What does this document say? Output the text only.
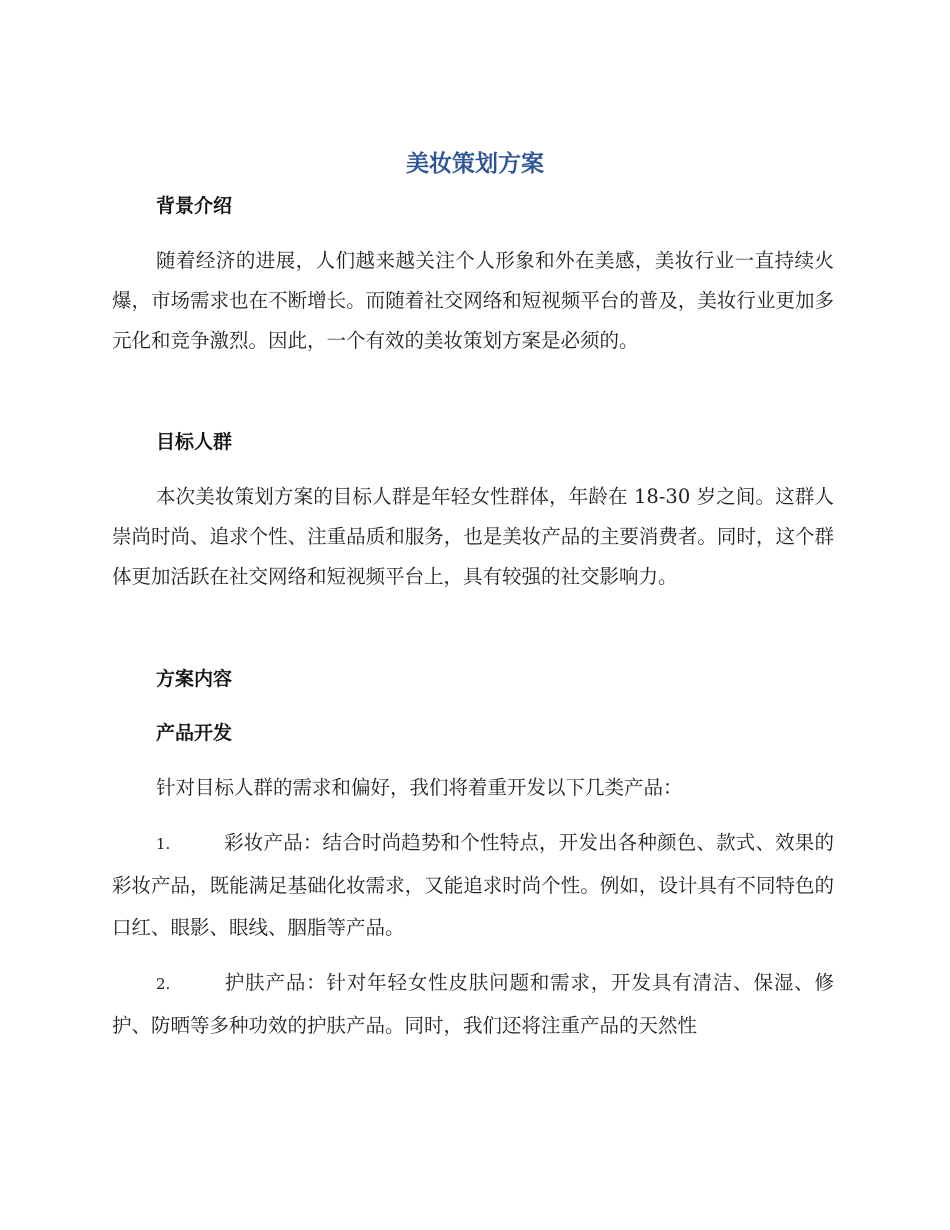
美妆策划方案
背景介绍

随着经济的进展，人们越来越关注个人形象和外在美感，美妆行业一直持续火爆，市场需求也在不断增长。而随着社交网络和短视频平台的普及，美妆行业更加多元化和竞争激烈。因此，一个有效的美妆策划方案是必须的。

目标人群

本次美妆策划方案的目标人群是年轻女性群体，年龄在 18-30 岁之间。这群人崇尚时尚、追求个性、注重品质和服务，也是美妆产品的主要消费者。同时，这个群体更加活跃在社交网络和短视频平台上，具有较强的社交影响力。

方案内容
产品开发

针对目标人群的需求和偏好，我们将着重开发以下几类产品：

1.	彩妆产品：结合时尚趋势和个性特点，开发出各种颜色、款式、效果的彩妆产品，既能满足基础化妆需求，又能追求时尚个性。例如，设计具有不同特色的口红、眼影、眼线、胭脂等产品。

2.	护肤产品：针对年轻女性皮肤问题和需求，开发具有清洁、保湿、修护、防晒等多种功效的护肤产品。同时，我们还将注重产品的天然性
